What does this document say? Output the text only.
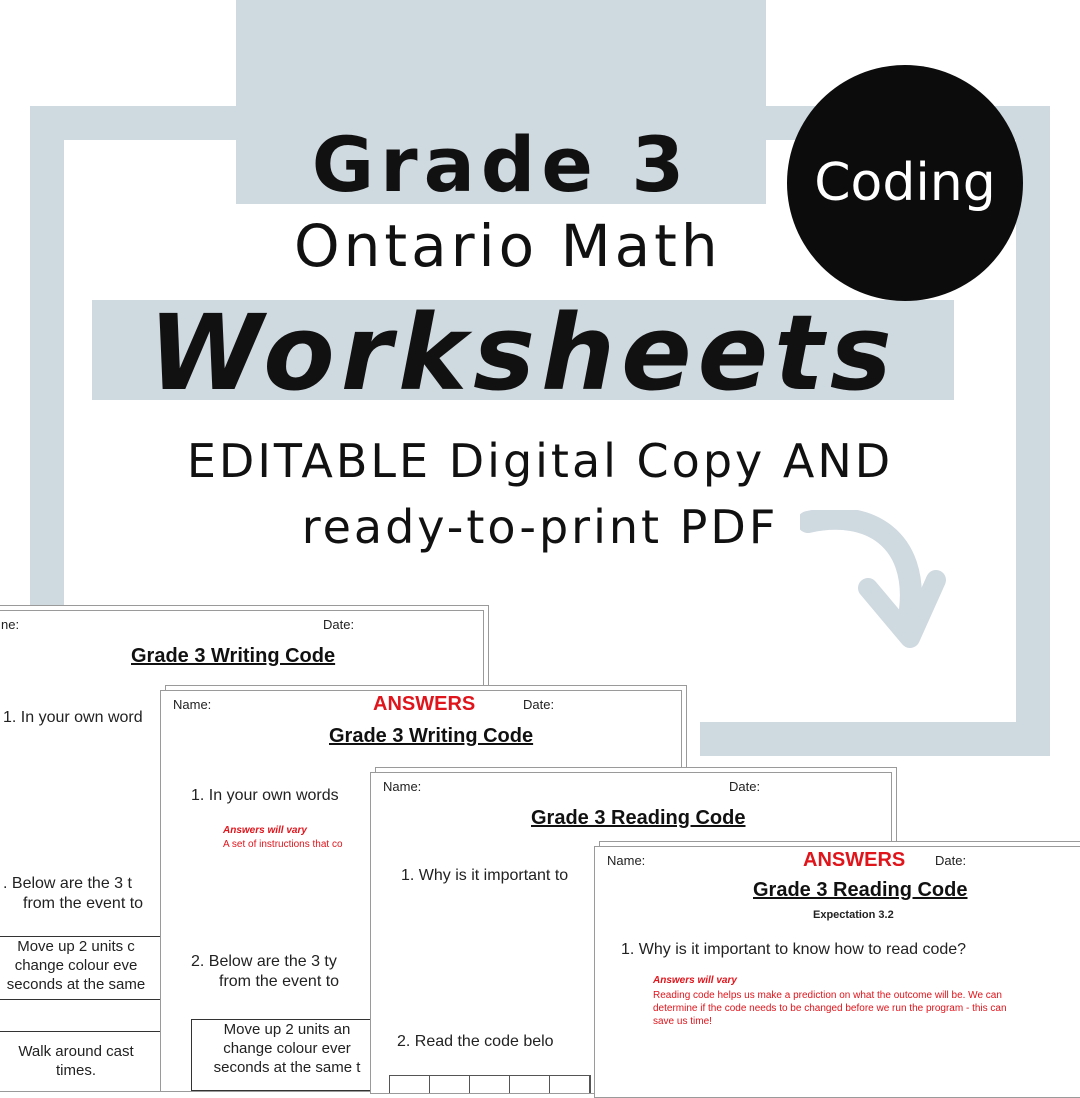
Grade 3
Ontario Math
Worksheets
EDITABLE Digital Copy AND
ready-to-print PDF
Coding
ne:	Date:
Grade 3 Writing Code
1. In your own word
. Below are the 3 t
from the event to
Move up 2 units c
change colour eve
seconds at the same
Walk around cast
times.
Name:	ANSWERS	Date:
Grade 3 Writing Code
1. In your own words
Answers will vary
A set of instructions that co
2. Below are the 3 ty
from the event to
Move up 2 units an
change colour ever
seconds at the same t
Name:	Date:
Grade 3 Reading Code
1. Why is it important to
2. Read the code belo
Name:	ANSWERS Date:
Grade 3 Reading Code
Expectation 3.2
1. Why is it important to know how to read code?
Answers will vary
Reading code helps us make a prediction on what the outcome will be. We can
determine if the code needs to be changed before we run the program - this can
save us time!
